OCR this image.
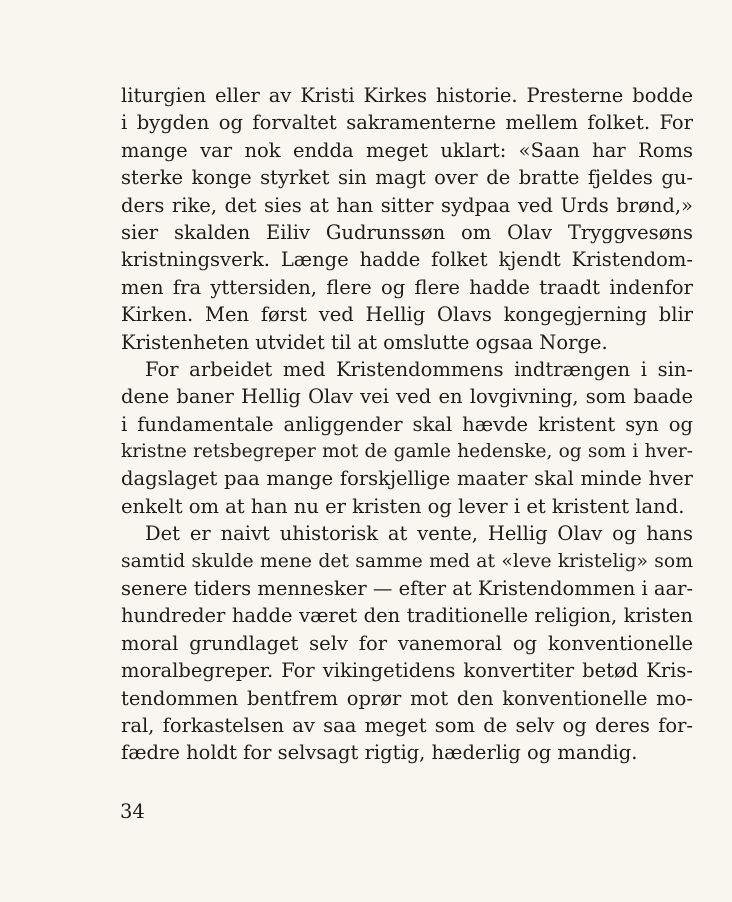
liturgien eller av Kristi Kirkes historie. Presterne bodde
i bygden og forvaltet sakramenterne mellem folket. For
mange var nok endda meget uklart: «Saan har Roms
sterke konge styrket sin magt over de bratte fjeldes gu-
ders rike, det sies at han sitter sydpaa ved Urds brønd,»
sier skalden Eiliv Gudrunssøn om Olav Tryggvesøns
kristningsverk. Længe hadde folket kjendt Kristendom-
men fra yttersiden, flere og flere hadde traadt indenfor
Kirken. Men først ved Hellig Olavs kongegjerning blir
Kristenheten utvidet til at omslutte ogsaa Norge.
For arbeidet med Kristendommens indtrængen i sin-
dene baner Hellig Olav vei ved en lovgivning, som baade
i fundamentale anliggender skal hævde kristent syn og
kristne retsbegreper mot de gamle hedenske, og som i hver-
dagslaget paa mange forskjellige maater skal minde hver
enkelt om at han nu er kristen og lever i et kristent land.
Det er naivt uhistorisk at vente, Hellig Olav og hans
samtid skulde mene det samme med at «leve kristelig» som
senere tiders mennesker — efter at Kristendommen i aar-
hundreder hadde været den traditionelle religion, kristen
moral grundlaget selv for vanemoral og konventionelle
moralbegreper. For vikingetidens konvertiter betød Kris-
tendommen bentfrem oprør mot den konventionelle mo-
ral, forkastelsen av saa meget som de selv og deres for-
fædre holdt for selvsagt rigtig, hæderlig og mandig.
34
